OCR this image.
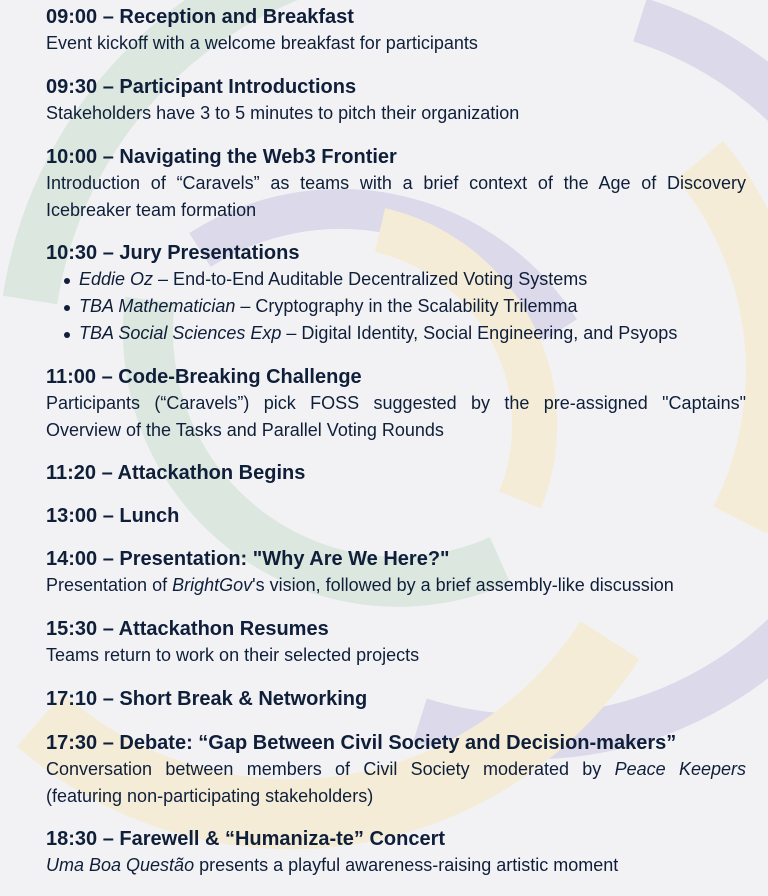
09:00 – Reception and Breakfast
Event kickoff with a welcome breakfast for participants
09:30 – Participant Introductions
Stakeholders have 3 to 5 minutes to pitch their organization
10:00 – Navigating the Web3 Frontier
Introduction of “Caravels” as teams with a brief context of the Age of Discovery
Icebreaker team formation
10:30 – Jury Presentations
Eddie Oz – End-to-End Auditable Decentralized Voting Systems
TBA Mathematician – Cryptography in the Scalability Trilemma
TBA Social Sciences Exp – Digital Identity, Social Engineering, and Psyops
11:00 – Code-Breaking Challenge
Participants (“Caravels”) pick FOSS suggested by the pre-assigned "Captains"
Overview of the Tasks and Parallel Voting Rounds
11:20 – Attackathon Begins
13:00 – Lunch
14:00 – Presentation: "Why Are We Here?"
Presentation of BrightGov's vision, followed by a brief assembly-like discussion
15:30 – Attackathon Resumes
Teams return to work on their selected projects
17:10 – Short Break & Networking
17:30 – Debate: “Gap Between Civil Society and Decision-makers”
Conversation between members of Civil Society moderated by Peace Keepers
(featuring non-participating stakeholders)
18:30 – Farewell & “Humaniza-te” Concert
Uma Boa Questão presents a playful awareness-raising artistic moment
